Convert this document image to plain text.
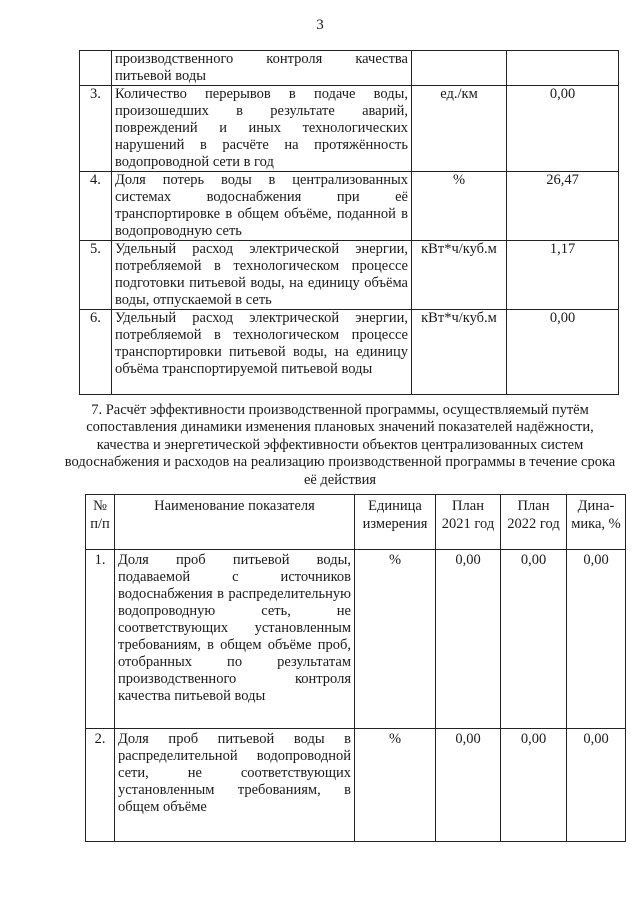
3
	производственного контроля качества питьевой воды		
3.	Количество перерывов в подаче воды, произошедших в результате аварий, повреждений и иных технологических нарушений в расчёте на протяжённость водопроводной сети в год	ед./км	0,00
4.	Доля потерь воды в централизованных системах водоснабжения при её транспортировке в общем объёме, поданной в водопроводную сеть	%	26,47
5.	Удельный расход электрической энергии, потребляемой в технологическом процессе подготовки питьевой воды, на единицу объёма воды, отпускаемой в сеть	кВт*ч/куб.м	1,17
6.	Удельный расход электрической энергии, потребляемой в технологическом процессе транспортировки питьевой воды, на единицу объёма транспортируемой питьевой воды	кВт*ч/куб.м	0,00
7. Расчёт эффективности производственной программы, осуществляемый путём сопоставления динамики изменения плановых значений показателей надёжности, качества и энергетической эффективности объектов централизованных систем водоснабжения и расходов на реализацию производственной программы в течение срока её действия
№ п/п	Наименование показателя	Единица измерения	План 2021 год	План 2022 год	Дина-мика, %
1.	Доля проб питьевой воды, подаваемой с источников водоснабжения в распределительную водопроводную сеть, не соответствующих установленным требованиям, в общем объёме проб, отобранных по результатам производственного контроля качества питьевой воды	%	0,00	0,00	0,00
2.	Доля проб питьевой воды в распределительной водопроводной сети, не соответствующих установленным требованиям, в общем объёме	%	0,00	0,00	0,00
